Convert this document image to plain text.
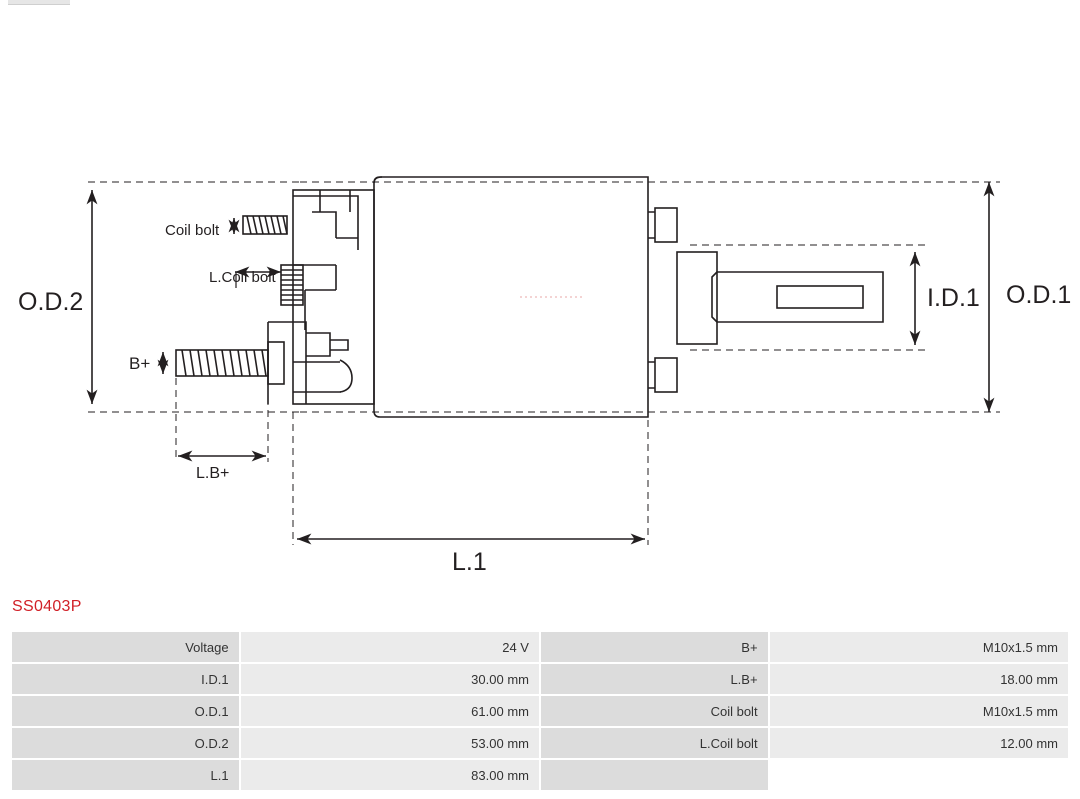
O.D.2	O.D.1
I.D.1
L.1
L.B+
Coil bolt
L.Coil bolt
B+
SS0403P
Voltage	24 V	B+	M10x1.5 mm
I.D.1	30.00 mm	L.B+	18.00 mm
O.D.1	61.00 mm	Coil bolt	M10x1.5 mm
O.D.2	53.00 mm	L.Coil bolt	12.00 mm
L.1	83.00 mm		
